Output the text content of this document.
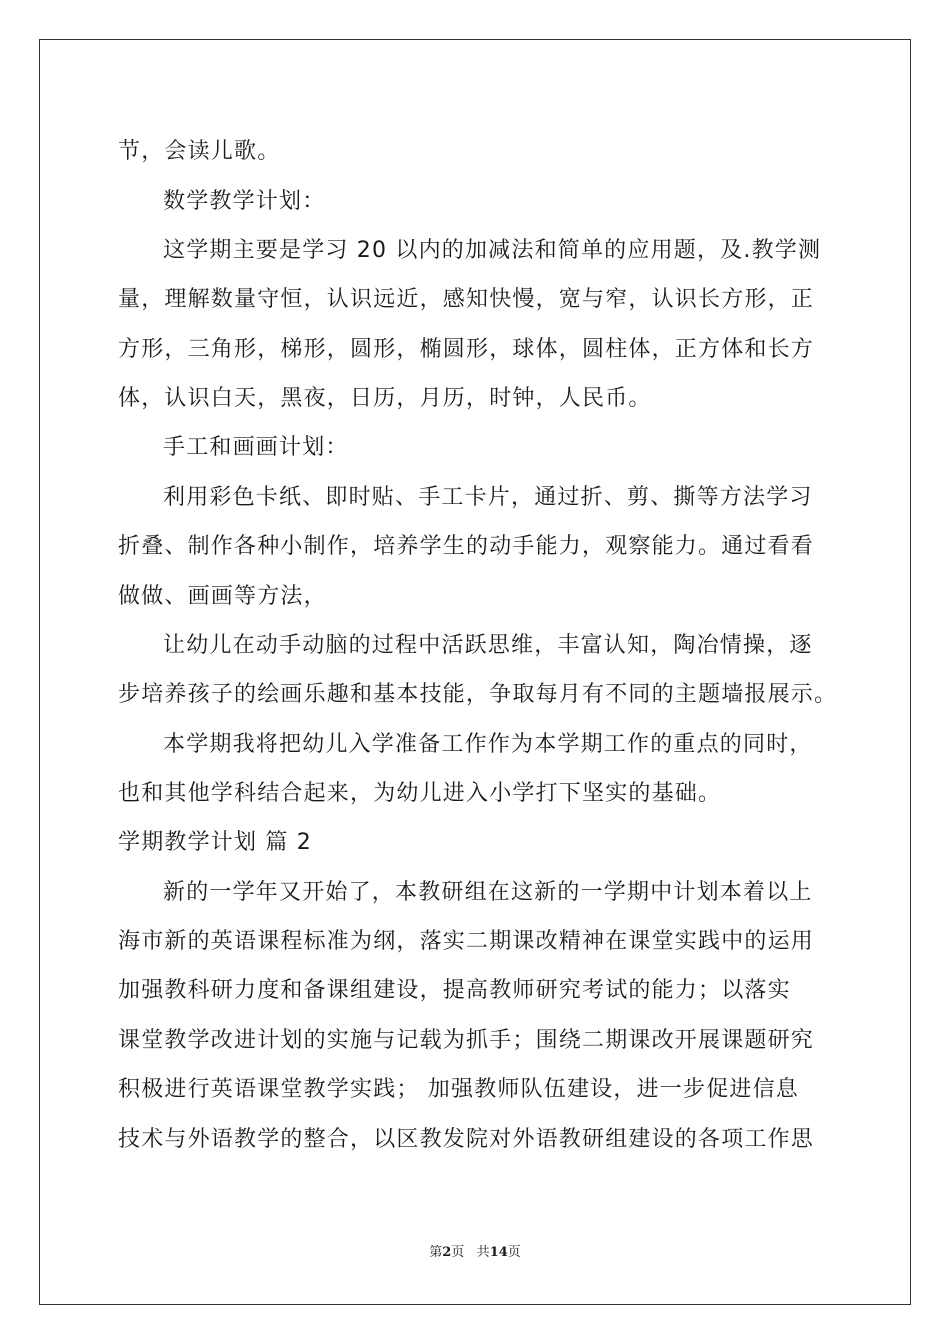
节，会读儿歌。
数学教学计划：
这学期主要是学习 20 以内的加减法和简单的应用题，及.教学测
量，理解数量守恒，认识远近，感知快慢，宽与窄，认识长方形，正
方形，三角形，梯形，圆形，椭圆形，球体，圆柱体，正方体和长方
体，认识白天，黑夜，日历，月历，时钟，人民币。
手工和画画计划：
利用彩色卡纸、即时贴、手工卡片，通过折、剪、撕等方法学习
折叠、制作各种小制作，培养学生的动手能力，观察能力。通过看看
做做、画画等方法，
让幼儿在动手动脑的过程中活跃思维，丰富认知，陶冶情操，逐
步培养孩子的绘画乐趣和基本技能，争取每月有不同的主题墙报展示。
本学期我将把幼儿入学准备工作作为本学期工作的重点的同时，
也和其他学科结合起来，为幼儿进入小学打下坚实的基础。
学期教学计划 篇 2
新的一学年又开始了，本教研组在这新的一学期中计划本着以上
海市新的英语课程标准为纲，落实二期课改精神在课堂实践中的运用
加强教科研力度和备课组建设，提高教师研究考试的能力；以落实
课堂教学改进计划的实施与记载为抓手；围绕二期课改开展课题研究
积极进行英语课堂教学实践； 加强教师队伍建设，进一步促进信息
技术与外语教学的整合，以区教发院对外语教研组建设的各项工作思
第2页 共14页
